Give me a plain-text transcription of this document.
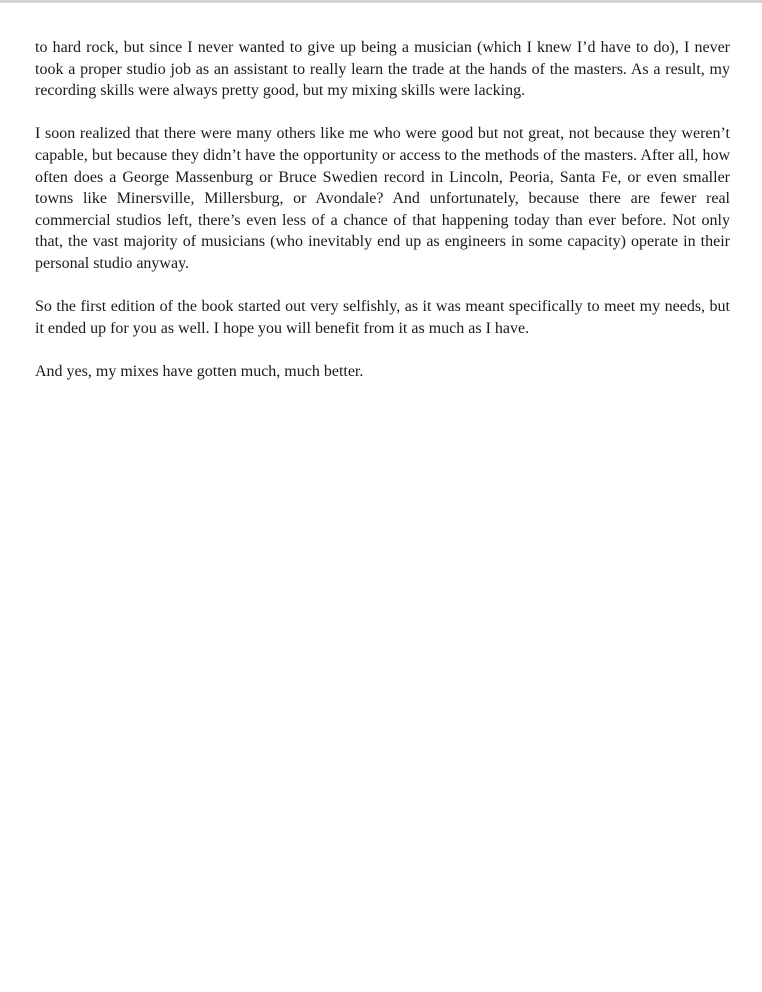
to hard rock, but since I never wanted to give up being a musician (which I knew I’d have to do), I never took a proper studio job as an assistant to really learn the trade at the hands of the masters. As a result, my recording skills were always pretty good, but my mixing skills were lacking.

I soon realized that there were many others like me who were good but not great, not because they weren’t capable, but because they didn’t have the opportunity or access to the methods of the masters. After all, how often does a George Massenburg or Bruce Swedien record in Lincoln, Peoria, Santa Fe, or even smaller towns like Minersville, Millersburg, or Avondale? And unfortunately, because there are fewer real commercial studios left, there’s even less of a chance of that happening today than ever before. Not only that, the vast majority of musicians (who inevitably end up as engineers in some capacity) operate in their personal studio anyway.

So the first edition of the book started out very selfishly, as it was meant specifically to meet my needs, but it ended up for you as well. I hope you will benefit from it as much as I have.

And yes, my mixes have gotten much, much better.
